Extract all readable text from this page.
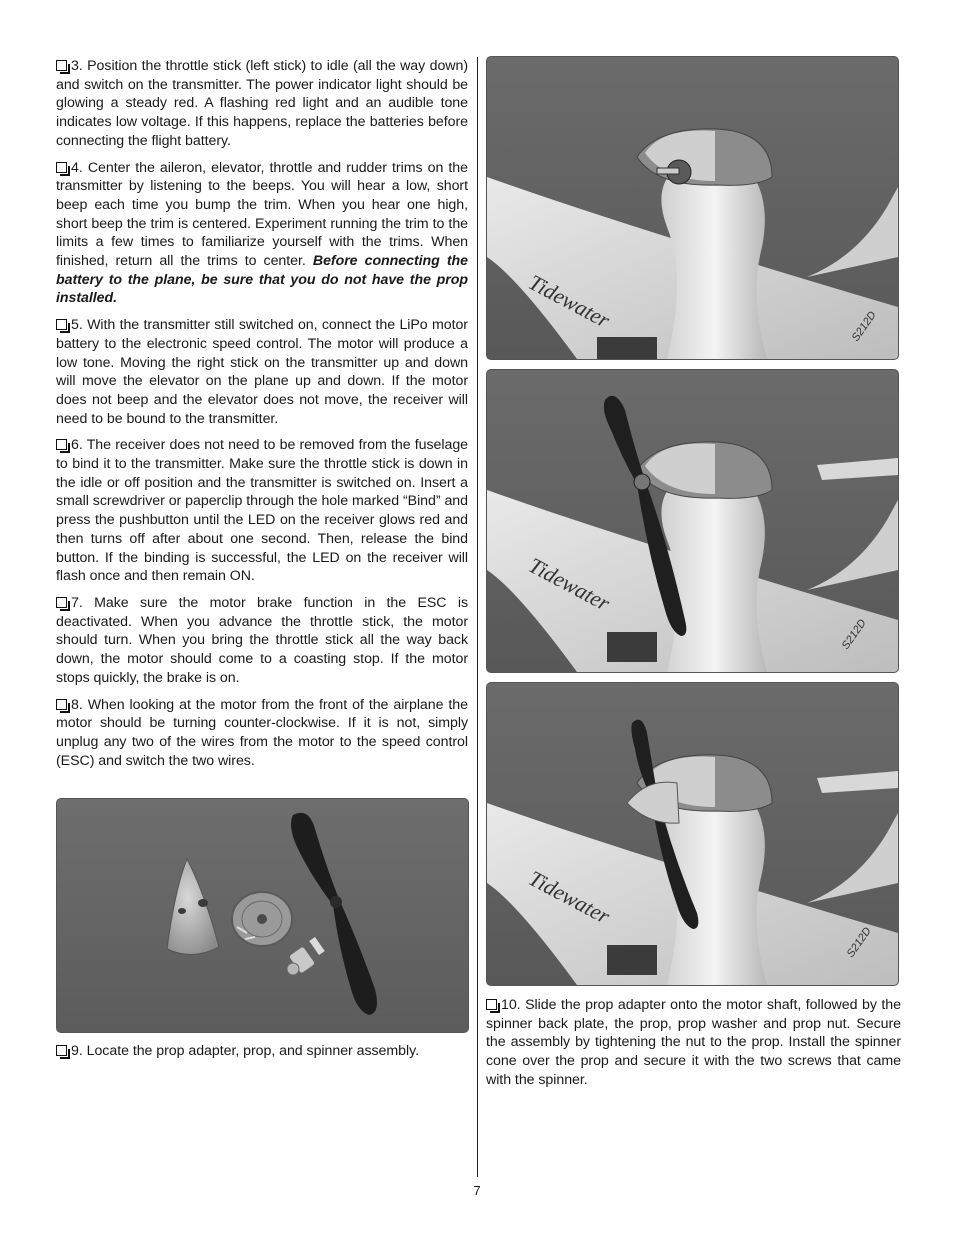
3. Position the throttle stick (left stick) to idle (all the way down) and switch on the transmitter. The power indicator light should be glowing a steady red. A flashing red light and an audible tone indicates low voltage. If this happens, replace the batteries before connecting the flight battery.

4. Center the aileron, elevator, throttle and rudder trims on the transmitter by listening to the beeps. You will hear a low, short beep each time you bump the trim. When you hear one high, short beep the trim is centered. Experiment running the trim to the limits a few times to familiarize yourself with the trims. When finished, return all the trims to center. Before connecting the battery to the plane, be sure that you do not have the prop installed.

5. With the transmitter still switched on, connect the LiPo motor battery to the electronic speed control. The motor will produce a low tone. Moving the right stick on the transmitter up and down will move the elevator on the plane up and down. If the motor does not beep and the elevator does not move, the receiver will need to be bound to the transmitter.

6. The receiver does not need to be removed from the fuselage to bind it to the transmitter. Make sure the throttle stick is down in the idle or off position and the transmitter is switched on. Insert a small screwdriver or paperclip through the hole marked “Bind” and press the pushbutton until the LED on the receiver glows red and then turns off after about one second. Then, release the bind button. If the binding is successful, the LED on the receiver will flash once and then remain ON.

7. Make sure the motor brake function in the ESC is deactivated. When you advance the throttle stick, the motor should turn. When you bring the throttle stick all the way back down, the motor should come to a coasting stop. If the motor stops quickly, the brake is on.

8. When looking at the motor from the front of the airplane the motor should be turning counter-clockwise. If it is not, simply unplug any two of the wires from the motor to the speed control (ESC) and switch the two wires.

9. Locate the prop adapter, prop, and spinner assembly.

Tidewater	S212D
Tidewater
S212D
Tidewater
S212D

10. Slide the prop adapter onto the motor shaft, followed by the spinner back plate, the prop, prop washer and prop nut. Secure the assembly by tightening the nut to the prop. Install the spinner cone over the prop and secure it with the two screws that came with the spinner.

7
